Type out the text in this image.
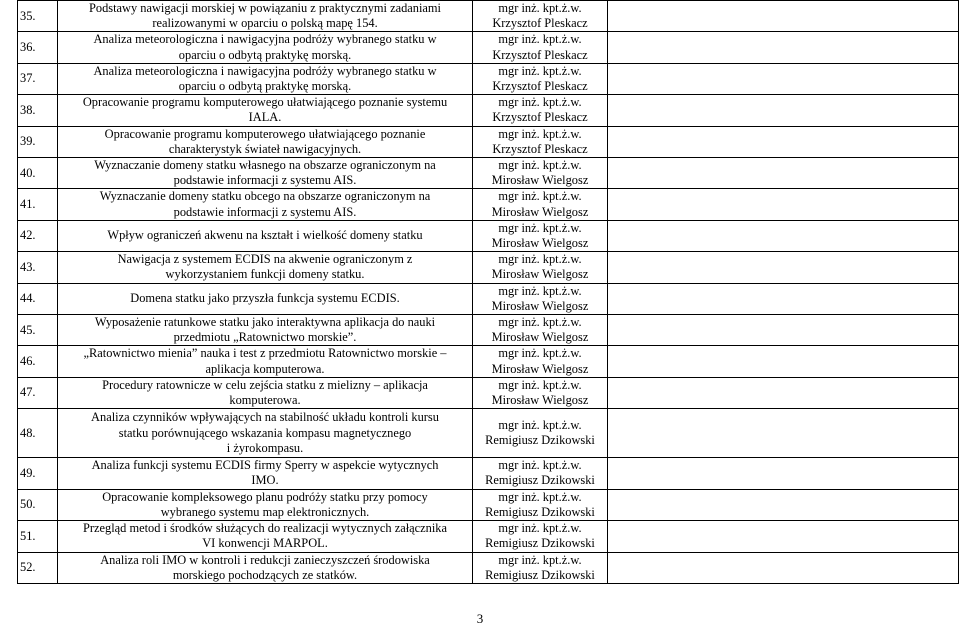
35.	Podstawy nawigacji morskiej w powiązaniu z praktycznymi zadaniami
realizowanymi w oparciu o polską mapę 154.	mgr inż. kpt.ż.w.
Krzysztof Pleskacz	

36.	Analiza meteorologiczna i nawigacyjna podróży wybranego statku w
oparciu o odbytą praktykę morską.	mgr inż. kpt.ż.w.
Krzysztof Pleskacz	

37.	Analiza meteorologiczna i nawigacyjna podróży wybranego statku w
oparciu o odbytą praktykę morską.	mgr inż. kpt.ż.w.
Krzysztof Pleskacz	

38.	Opracowanie programu komputerowego ułatwiającego poznanie systemu
IALA.	mgr inż. kpt.ż.w.
Krzysztof Pleskacz	

39.	Opracowanie programu komputerowego ułatwiającego poznanie
charakterystyk świateł nawigacyjnych.	mgr inż. kpt.ż.w.
Krzysztof Pleskacz	

40.	Wyznaczanie domeny statku własnego na obszarze ograniczonym na
podstawie informacji z systemu AIS.	mgr inż. kpt.ż.w.
Mirosław Wielgosz	

41.	Wyznaczanie domeny statku obcego na obszarze ograniczonym na
podstawie informacji z systemu AIS.	mgr inż. kpt.ż.w.
Mirosław Wielgosz	

42.	Wpływ ograniczeń akwenu na kształt i wielkość domeny statku	mgr inż. kpt.ż.w.
Mirosław Wielgosz	

43.	Nawigacja z systemem ECDIS na akwenie ograniczonym z
wykorzystaniem funkcji domeny statku.	mgr inż. kpt.ż.w.
Mirosław Wielgosz	

44.	Domena statku jako przyszła funkcja systemu ECDIS.	mgr inż. kpt.ż.w.
Mirosław Wielgosz	

45.	Wyposażenie ratunkowe statku jako interaktywna aplikacja do nauki
przedmiotu „Ratownictwo morskie”.	mgr inż. kpt.ż.w.
Mirosław Wielgosz	

46.	„Ratownictwo mienia” nauka i test z przedmiotu Ratownictwo morskie –
aplikacja komputerowa.	mgr inż. kpt.ż.w.
Mirosław Wielgosz	

47.	Procedury ratownicze w celu zejścia statku z mielizny – aplikacja
komputerowa.	mgr inż. kpt.ż.w.
Mirosław Wielgosz	

48.	Analiza czynników wpływających na stabilność układu kontroli kursu
statku porównującego wskazania kompasu magnetycznego
i żyrokompasu.	mgr inż. kpt.ż.w.
Remigiusz Dzikowski	

49.	Analiza funkcji systemu ECDIS firmy Sperry w aspekcie wytycznych
IMO.	mgr inż. kpt.ż.w.
Remigiusz Dzikowski	

50.	Opracowanie kompleksowego planu podróży statku przy pomocy
wybranego systemu map elektronicznych.	mgr inż. kpt.ż.w.
Remigiusz Dzikowski	

51.	Przegląd metod i środków służących do realizacji wytycznych załącznika
VI konwencji MARPOL.	mgr inż. kpt.ż.w.
Remigiusz Dzikowski	

52.	Analiza roli IMO w kontroli i redukcji zanieczyszczeń środowiska
morskiego pochodzących ze statków.	mgr inż. kpt.ż.w.
Remigiusz Dzikowski	

3
